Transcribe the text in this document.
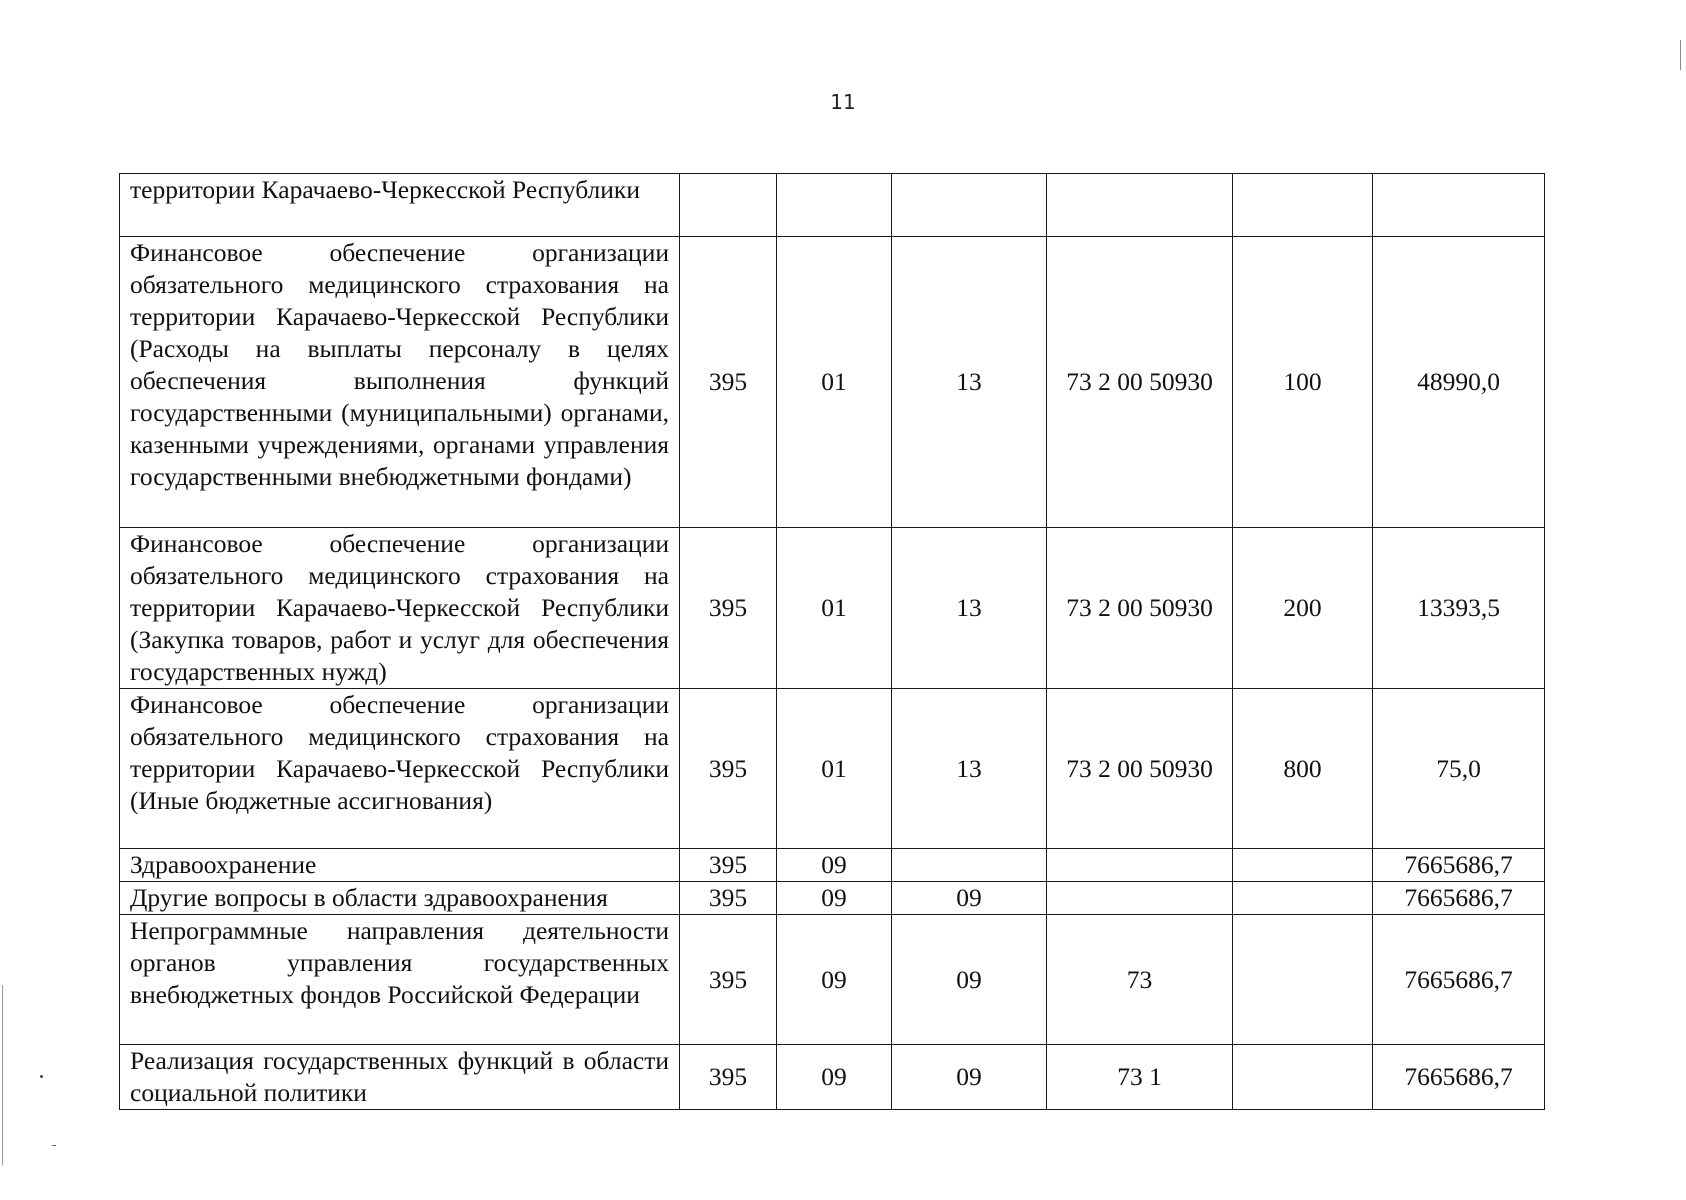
11
территории Карачаево-Черкесской Республики						
Финансовое обеспечение организации обязательного медицинского страхования на территории Карачаево-Черкесской Республики (Расходы на выплаты персоналу в целях обеспечения выполнения функций государственными (муниципальными) органами, казенными учреждениями, органами управления государственными внебюджетными фондами)	395	01	13	73 2 00 50930	100	48990,0
Финансовое обеспечение организации обязательного медицинского страхования на территории Карачаево-Черкесской Республики (Закупка товаров, работ и услуг для обеспечения государственных нужд)	395	01	13	73 2 00 50930	200	13393,5
Финансовое обеспечение организации обязательного медицинского страхования на территории Карачаево-Черкесской Республики (Иные бюджетные ассигнования)	395	01	13	73 2 00 50930	800	75,0
Здравоохранение	395	09				7665686,7
Другие вопросы в области здравоохранения	395	09	09			7665686,7
Непрограммные направления деятельности органов управления государственных внебюджетных фондов Российской Федерации	395	09	09	73		7665686,7
Реализация государственных функций в области социальной политики	395	09	09	73 1		7665686,7
